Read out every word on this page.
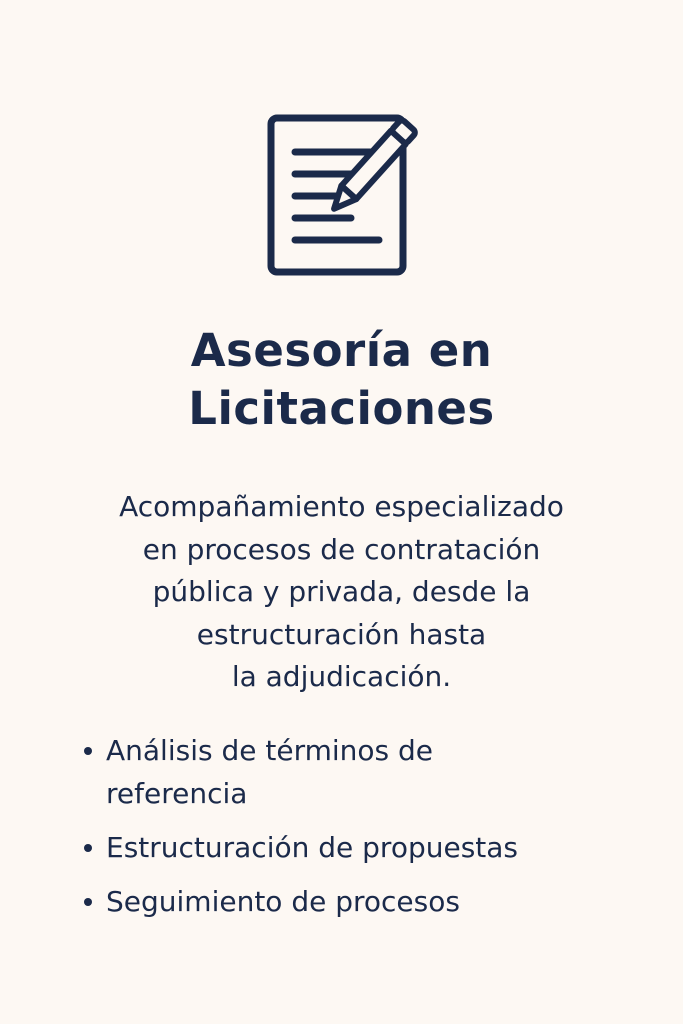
Asesoría en
Licitaciones

Acompañamiento especializado
en procesos de contratación
pública y privada, desde la
estructuración hasta
la adjudicación.

Análisis de términos de
referencia
Estructuración de propuestas
Seguimiento de procesos
